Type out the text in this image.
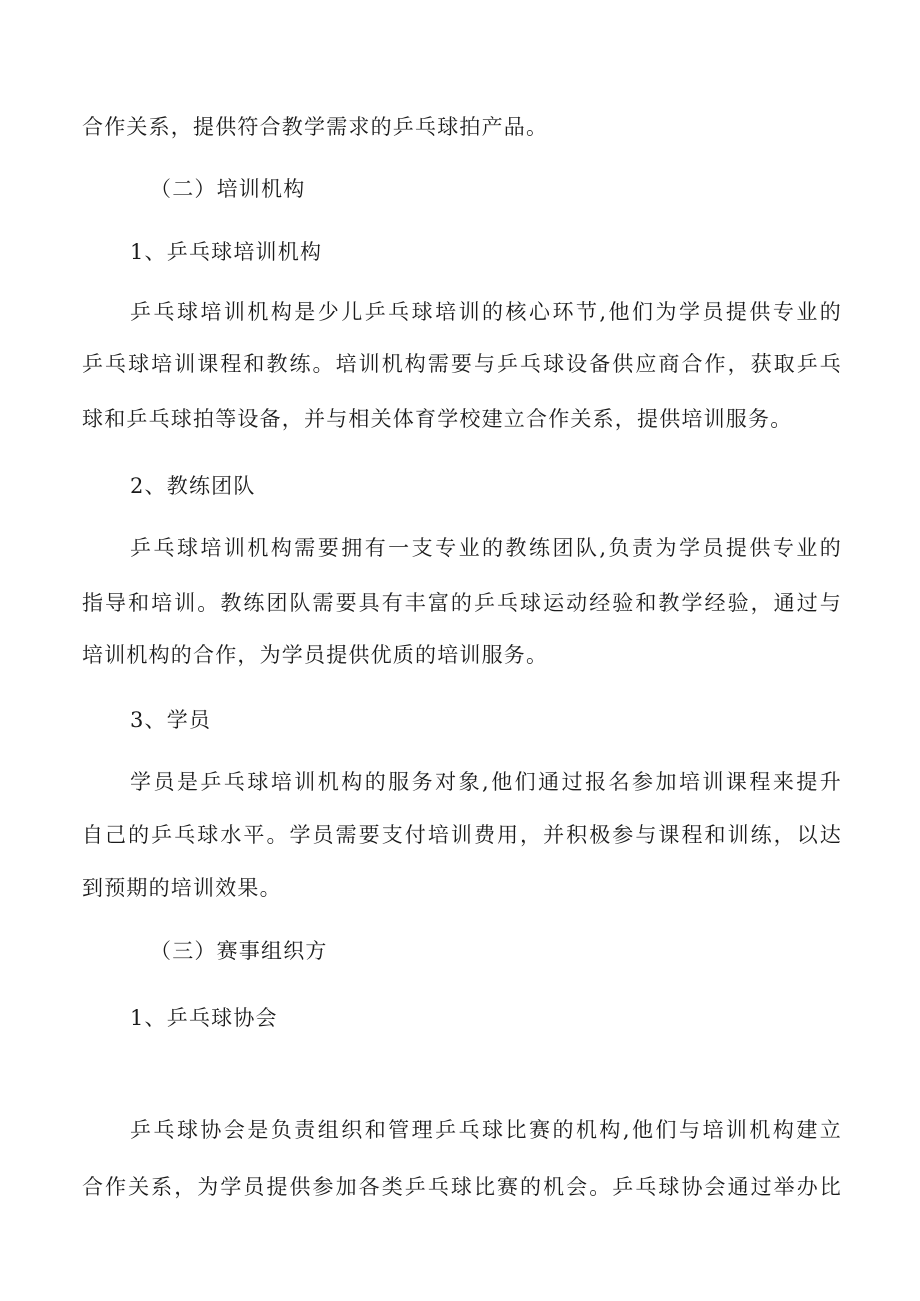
合作关系，提供符合教学需求的乒乓球拍产品。
（二）培训机构
1、乒乓球培训机构
乒乓球培训机构是少儿乒乓球培训的核心环节,他们为学员提供专业的
乒乓球培训课程和教练。培训机构需要与乒乓球设备供应商合作，获取乒乓
球和乒乓球拍等设备，并与相关体育学校建立合作关系，提供培训服务。
2、教练团队
乒乓球培训机构需要拥有一支专业的教练团队,负责为学员提供专业的
指导和培训。教练团队需要具有丰富的乒乓球运动经验和教学经验，通过与
培训机构的合作，为学员提供优质的培训服务。
3、学员
学员是乒乓球培训机构的服务对象,他们通过报名参加培训课程来提升
自己的乒乓球水平。学员需要支付培训费用，并积极参与课程和训练，以达
到预期的培训效果。
（三）赛事组织方
1、乒乓球协会
乒乓球协会是负责组织和管理乒乓球比赛的机构,他们与培训机构建立
合作关系，为学员提供参加各类乒乓球比赛的机会。乒乓球协会通过举办比
